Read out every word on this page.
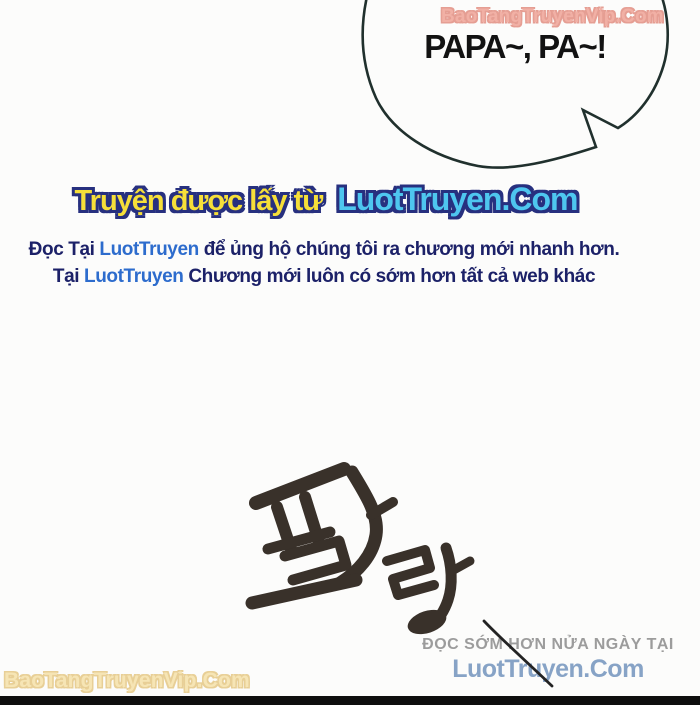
BaoTangTruyenVip.Com
PAPA~, PA~!
Truyện được lấy từ LuotTruyen.Com
Đọc Tại LuotTruyen để ủng hộ chúng tôi ra chương mới nhanh hơn.
Tại LuotTruyen Chương mới luôn có sớm hơn tất cả web khác
ĐỌC SỚM HƠN NỬA NGÀY TẠI
LuotTruyen.Com
BaoTangTruyenVip.Com
